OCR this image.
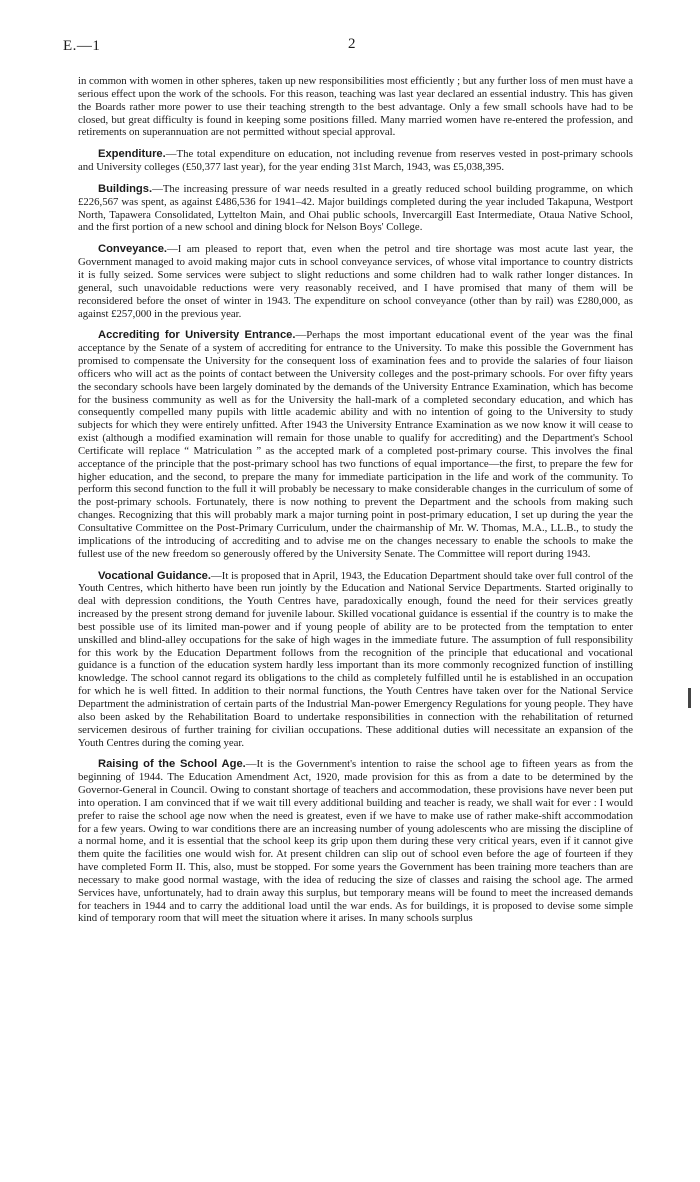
E.—1	2

in common with women in other spheres, taken up new responsibilities most efficiently ; but any further loss of men must have a serious effect upon the work of the schools. For this reason, teaching was last year declared an essential industry. This has given the Boards rather more power to use their teaching strength to the best advantage. Only a few small schools have had to be closed, but great difficulty is found in keeping some positions filled. Many married women have re-entered the profession, and retirements on superannuation are not permitted without special approval.

Expenditure.—The total expenditure on education, not including revenue from reserves vested in post-primary schools and University colleges (£50,377 last year), for the year ending 31st March, 1943, was £5,038,395.

Buildings.—The increasing pressure of war needs resulted in a greatly reduced school building programme, on which £226,567 was spent, as against £486,536 for 1941–42. Major buildings completed during the year included Takapuna, Westport North, Tapawera Consolidated, Lyttelton Main, and Ohai public schools, Invercargill East Intermediate, Otaua Native School, and the first portion of a new school and dining block for Nelson Boys' College.

Conveyance.—I am pleased to report that, even when the petrol and tire shortage was most acute last year, the Government managed to avoid making major cuts in school conveyance services, of whose vital importance to country districts it is fully seized. Some services were subject to slight reductions and some children had to walk rather longer distances. In general, such unavoidable reductions were very reasonably received, and I have promised that many of them will be reconsidered before the onset of winter in 1943. The expenditure on school conveyance (other than by rail) was £280,000, as against £257,000 in the previous year.

Accrediting for University Entrance.—Perhaps the most important educational event of the year was the final acceptance by the Senate of a system of accrediting for entrance to the University. To make this possible the Government has promised to compensate the University for the consequent loss of examination fees and to provide the salaries of four liaison officers who will act as the points of contact between the University colleges and the post-primary schools. For over fifty years the secondary schools have been largely dominated by the demands of the University Entrance Examination, which has become for the business community as well as for the University the hall-mark of a completed secondary education, and which has consequently compelled many pupils with little academic ability and with no intention of going to the University to study subjects for which they were entirely unfitted. After 1943 the University Entrance Examination as we now know it will cease to exist (although a modified examination will remain for those unable to qualify for accrediting) and the Department's School Certificate will replace “ Matriculation ” as the accepted mark of a completed post-primary course. This involves the final acceptance of the principle that the post-primary school has two functions of equal importance—the first, to prepare the few for higher education, and the second, to prepare the many for immediate participation in the life and work of the community. To perform this second function to the full it will probably be necessary to make considerable changes in the curriculum of some of the post-primary schools. Fortunately, there is now nothing to prevent the Department and the schools from making such changes. Recognizing that this will probably mark a major turning point in post-primary education, I set up during the year the Consultative Committee on the Post-Primary Curriculum, under the chairmanship of Mr. W. Thomas, M.A., LL.B., to study the implications of the introducing of accrediting and to advise me on the changes necessary to enable the schools to make the fullest use of the new freedom so generously offered by the University Senate. The Committee will report during 1943.

Vocational Guidance.—It is proposed that in April, 1943, the Education Department should take over full control of the Youth Centres, which hitherto have been run jointly by the Education and National Service Departments. Started originally to deal with depression conditions, the Youth Centres have, paradoxically enough, found the need for their services greatly increased by the present strong demand for juvenile labour. Skilled vocational guidance is essential if the country is to make the best possible use of its limited man-power and if young people of ability are to be protected from the temptation to enter unskilled and blind-alley occupations for the sake of high wages in the immediate future. The assumption of full responsibility for this work by the Education Department follows from the recognition of the principle that educational and vocational guidance is a function of the education system hardly less important than its more commonly recognized function of instilling knowledge. The school cannot regard its obligations to the child as completely fulfilled until he is established in an occupation for which he is well fitted. In addition to their normal functions, the Youth Centres have taken over for the National Service Department the administration of certain parts of the Industrial Man-power Emergency Regulations for young people. They have also been asked by the Rehabilitation Board to undertake responsibilities in connection with the rehabilitation of returned servicemen desirous of further training for civilian occupations. These additional duties will necessitate an expansion of the Youth Centres during the coming year.

Raising of the School Age.—It is the Government's intention to raise the school age to fifteen years as from the beginning of 1944. The Education Amendment Act, 1920, made provision for this as from a date to be determined by the Governor-General in Council. Owing to constant shortage of teachers and accommodation, these provisions have never been put into operation. I am convinced that if we wait till every additional building and teacher is ready, we shall wait for ever : I would prefer to raise the school age now when the need is greatest, even if we have to make use of rather make-shift accommodation for a few years. Owing to war conditions there are an increasing number of young adolescents who are missing the discipline of a normal home, and it is essential that the school keep its grip upon them during these very critical years, even if it cannot give them quite the facilities one would wish for. At present children can slip out of school even before the age of fourteen if they have completed Form II. This, also, must be stopped. For some years the Government has been training more teachers than are necessary to make good normal wastage, with the idea of reducing the size of classes and raising the school age. The armed Services have, unfortunately, had to drain away this surplus, but temporary means will be found to meet the increased demands for teachers in 1944 and to carry the additional load until the war ends. As for buildings, it is proposed to devise some simple kind of temporary room that will meet the situation where it arises. In many schools surplus
